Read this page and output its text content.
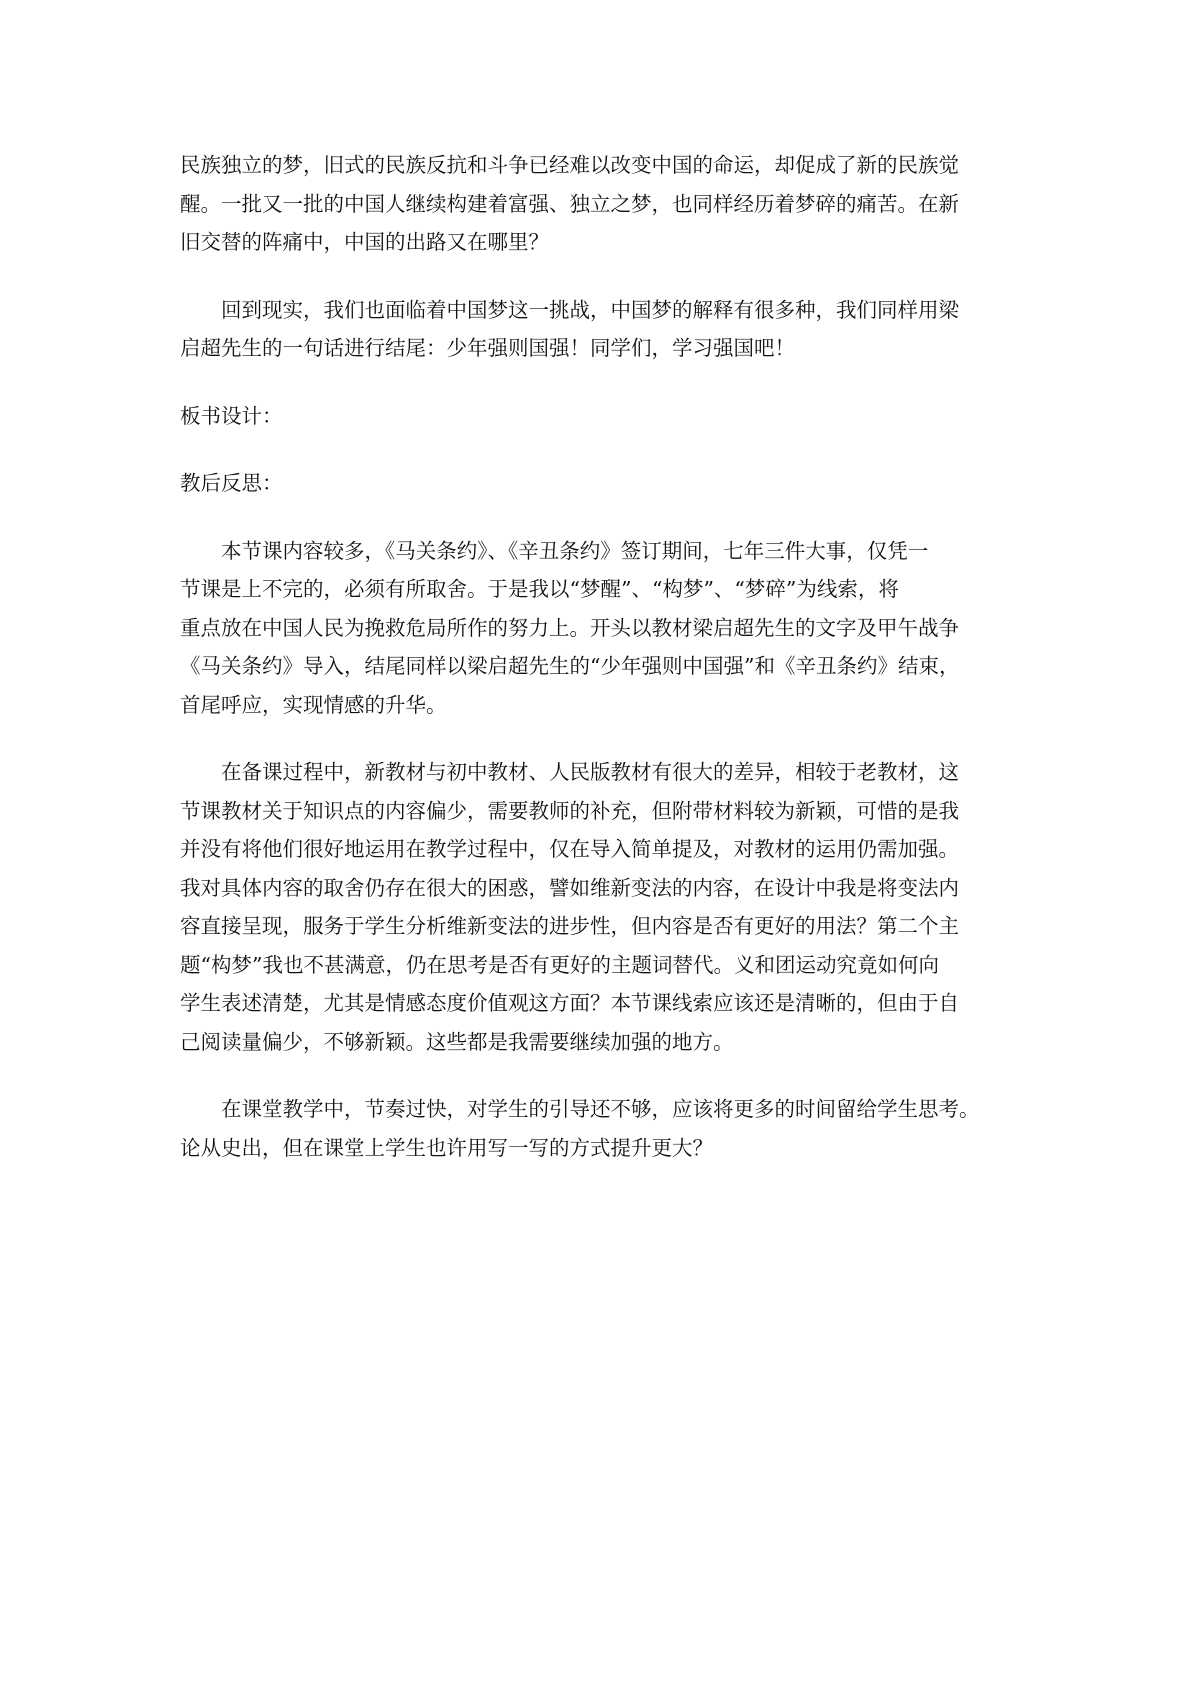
民族独立的梦，旧式的民族反抗和斗争已经难以改变中国的命运，却促成了新的民族觉
醒。一批又一批的中国人继续构建着富强、独立之梦，也同样经历着梦碎的痛苦。在新
旧交替的阵痛中，中国的出路又在哪里？
回到现实，我们也面临着中国梦这一挑战，中国梦的解释有很多种，我们同样用梁
启超先生的一句话进行结尾：少年强则国强！同学们，学习强国吧！
板书设计：
教后反思：
本节课内容较多，《马关条约》、《辛丑条约》签订期间，七年三件大事，仅凭一
节课是上不完的，必须有所取舍。于是我以“梦醒”、“构梦”、“梦碎”为线索，将
重点放在中国人民为挽救危局所作的努力上。开头以教材梁启超先生的文字及甲午战争
《马关条约》导入，结尾同样以梁启超先生的“少年强则中国强”和《辛丑条约》结束，
首尾呼应，实现情感的升华。
在备课过程中，新教材与初中教材、人民版教材有很大的差异，相较于老教材，这
节课教材关于知识点的内容偏少，需要教师的补充，但附带材料较为新颖，可惜的是我
并没有将他们很好地运用在教学过程中，仅在导入简单提及，对教材的运用仍需加强。
我对具体内容的取舍仍存在很大的困惑，譬如维新变法的内容，在设计中我是将变法内
容直接呈现，服务于学生分析维新变法的进步性，但内容是否有更好的用法？第二个主
题“构梦”我也不甚满意，仍在思考是否有更好的主题词替代。义和团运动究竟如何向
学生表述清楚，尤其是情感态度价值观这方面？本节课线索应该还是清晰的，但由于自
己阅读量偏少，不够新颖。这些都是我需要继续加强的地方。
在课堂教学中，节奏过快，对学生的引导还不够，应该将更多的时间留给学生思考。
论从史出，但在课堂上学生也许用写一写的方式提升更大？
